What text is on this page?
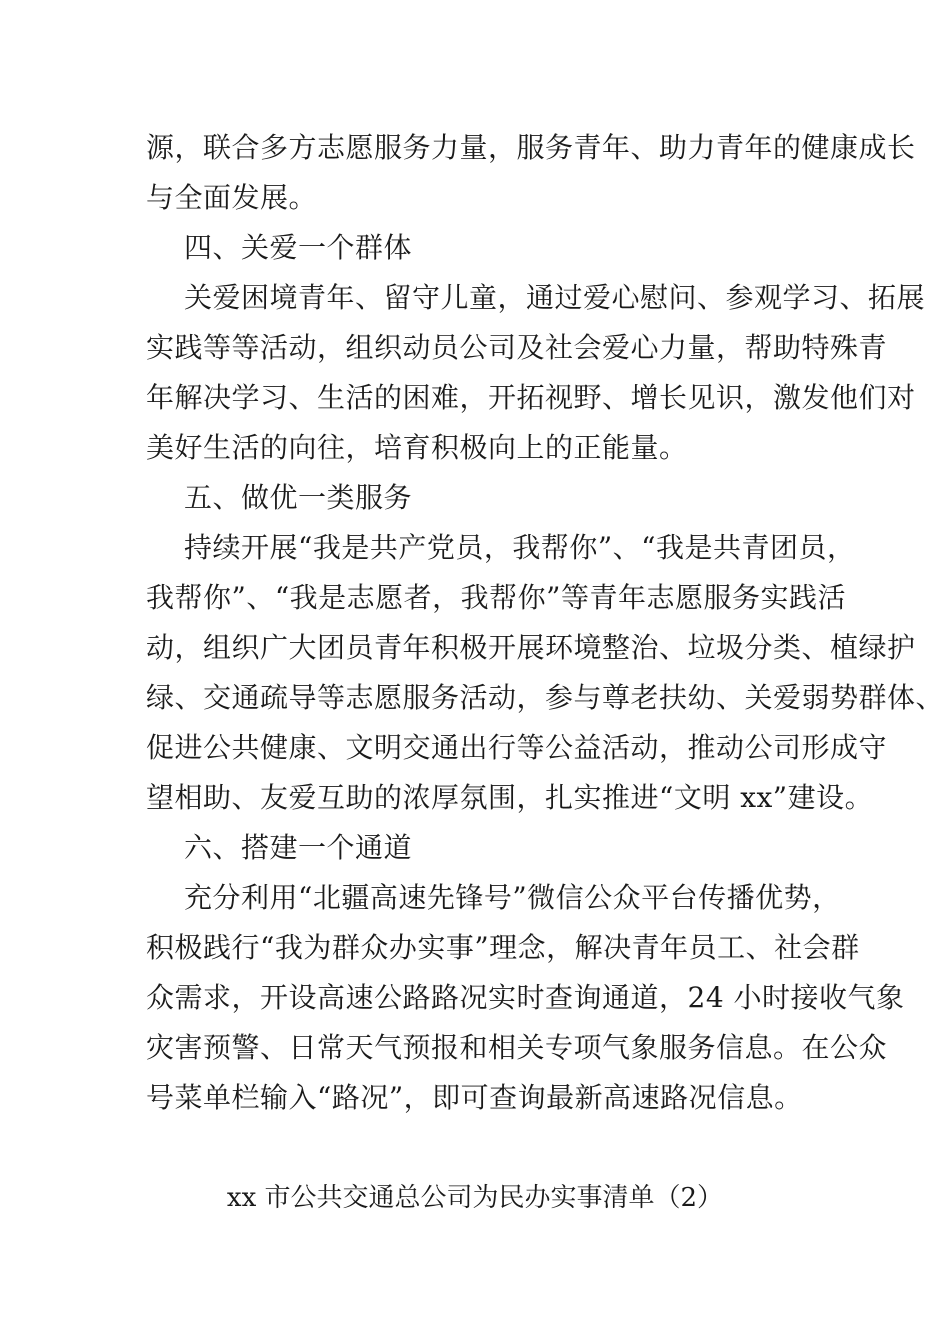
源，联合多方志愿服务力量，服务青年、助力青年的健康成长
与全面发展。
四、关爱一个群体
关爱困境青年、留守儿童，通过爱心慰问、参观学习、拓展
实践等等活动，组织动员公司及社会爱心力量，帮助特殊青
年解决学习、生活的困难，开拓视野、增长见识，激发他们对
美好生活的向往，培育积极向上的正能量。
五、做优一类服务
持续开展“我是共产党员，我帮你”、“我是共青团员，
我帮你”、“我是志愿者，我帮你”等青年志愿服务实践活
动，组织广大团员青年积极开展环境整治、垃圾分类、植绿护
绿、交通疏导等志愿服务活动，参与尊老扶幼、关爱弱势群体、
促进公共健康、文明交通出行等公益活动，推动公司形成守
望相助、友爱互助的浓厚氛围，扎实推进“文明 xx”建设。
六、搭建一个通道
充分利用“北疆高速先锋号”微信公众平台传播优势，
积极践行“我为群众办实事”理念，解决青年员工、社会群
众需求，开设高速公路路况实时查询通道，24 小时接收气象
灾害预警、日常天气预报和相关专项气象服务信息。在公众
号菜单栏输入“路况”，即可查询最新高速路况信息。
xx 市公共交通总公司为民办实事清单（2）
